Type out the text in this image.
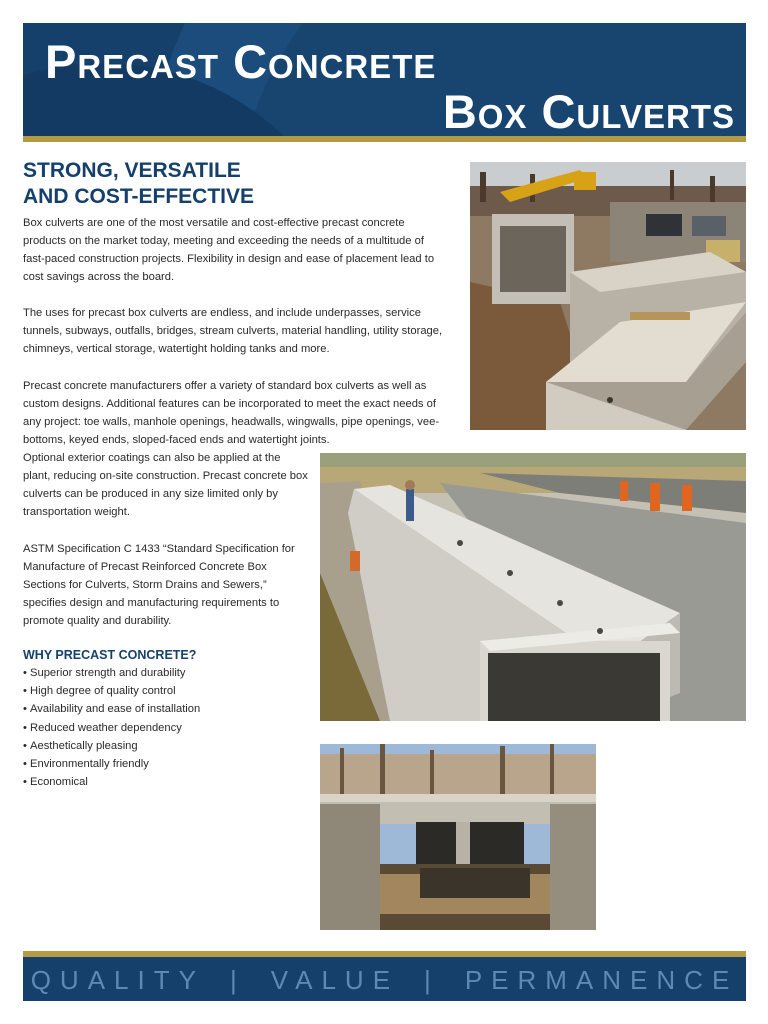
Precast Concrete
Box Culverts
STRONG, VERSATILE
AND COST-EFFECTIVE

Box culverts are one of the most versatile and cost-effective precast concrete products on the market today, meeting and exceeding the needs of a multitude of fast-paced construction projects. Flexibility in design and ease of placement lead to cost savings across the board.

The uses for precast box culverts are endless, and include underpasses, service tunnels, subways, outfalls, bridges, stream culverts, material handling, utility storage, chimneys, vertical storage, watertight holding tanks and more.

Precast concrete manufacturers offer a variety of standard box culverts as well as custom designs. Additional features can be incorporated to meet the exact needs of any project: toe walls, manhole openings, headwalls, wingwalls, pipe openings, vee-bottoms, keyed ends, sloped-faced ends and watertight joints.

Optional exterior coatings can also be applied at the plant, reducing on-site construction. Precast concrete box culverts can be produced in any size limited only by transportation weight.

ASTM Specification C 1433 “Standard Specification for Manufacture of Precast Reinforced Concrete Box Sections for Culverts, Storm Drains and Sewers,” specifies design and manufacturing requirements to promote quality and durability.

WHY PRECAST CONCRETE?
• Superior strength and durability
• High degree of quality control
• Availability and ease of installation
• Reduced weather dependency
• Aesthetically pleasing
• Environmentally friendly
• Economical
QUALITY | VALUE | PERMANENCE
